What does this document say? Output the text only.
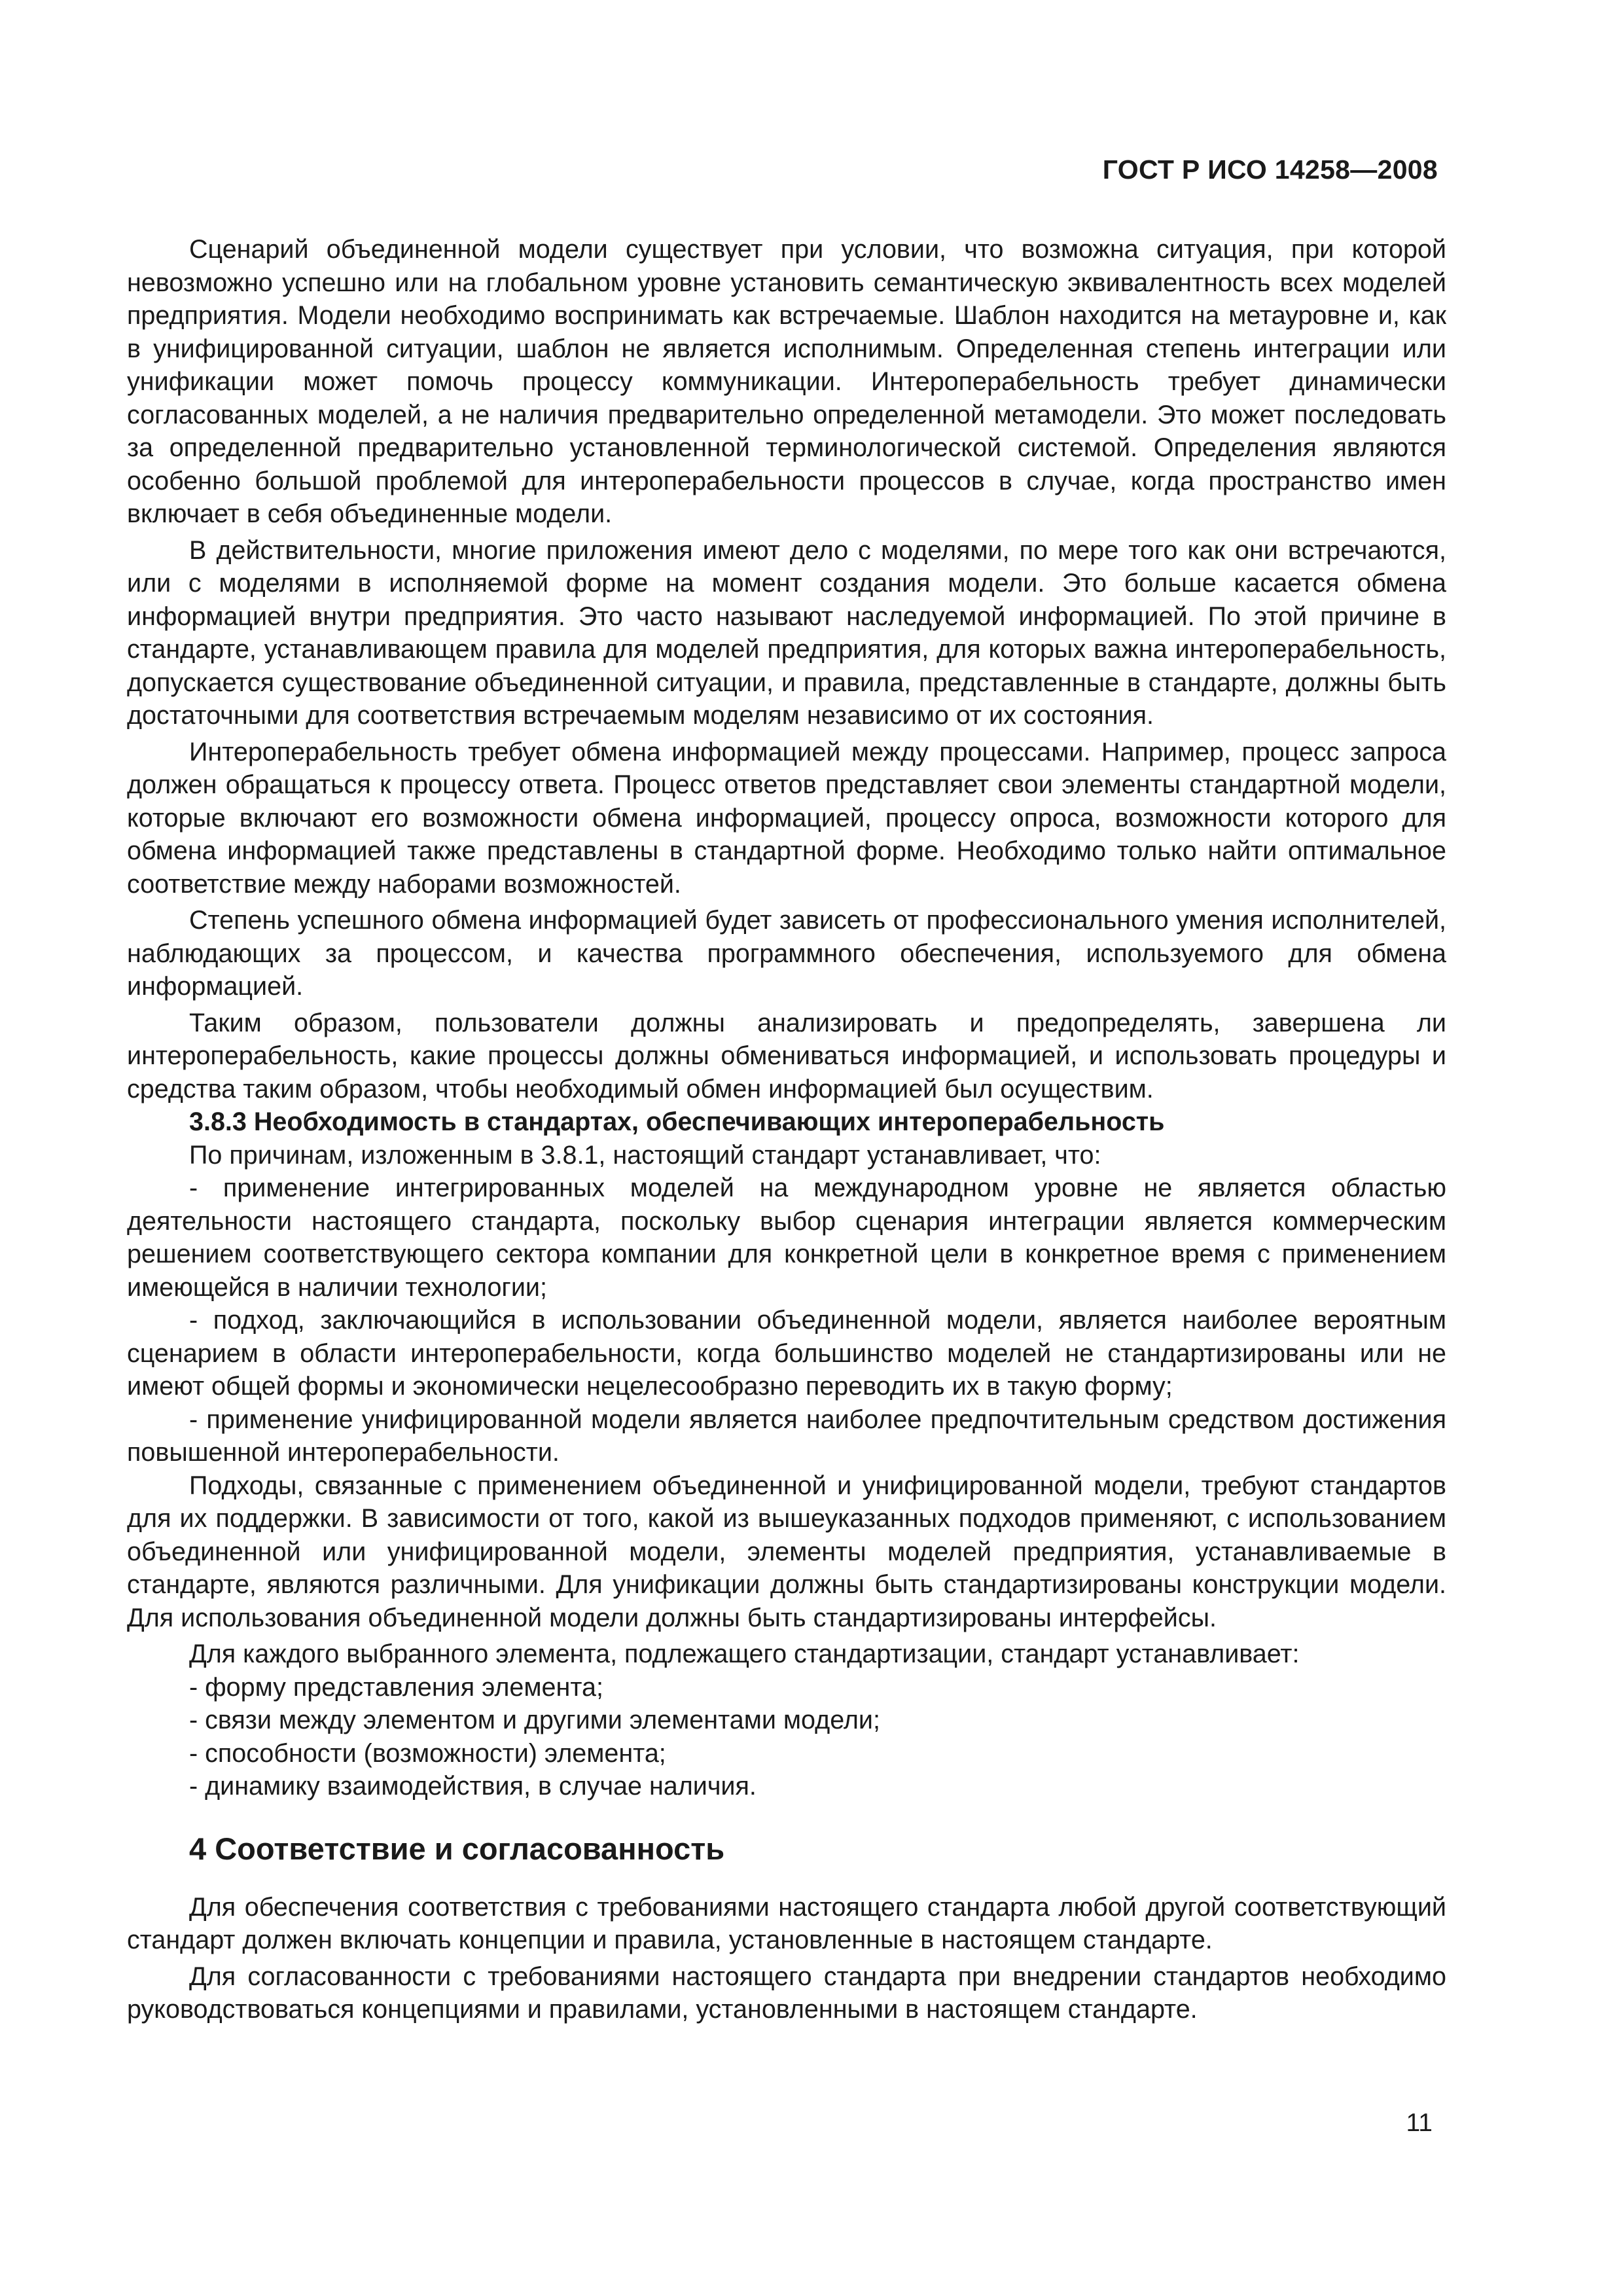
ГОСТ Р ИСО 14258—2008

Сценарий объединенной модели существует при условии, что возможна ситуация, при которой невозможно успешно или на глобальном уровне установить семантическую эквивалентность всех моделей предприятия. Модели необходимо воспринимать как встречаемые. Шаблон находится на метауровне и, как в унифицированной ситуации, шаблон не является исполнимым. Определенная степень интеграции или унификации может помочь процессу коммуникации. Интероперабельность требует динамически согласованных моделей, а не наличия предварительно определенной метамодели. Это может последовать за определенной предварительно установленной терминологической системой. Определения являются особенно большой проблемой для интероперабельности процессов в случае, когда пространство имен включает в себя объединенные модели.

В действительности, многие приложения имеют дело с моделями, по мере того как они встречаются, или с моделями в исполняемой форме на момент создания модели. Это больше касается обмена информацией внутри предприятия. Это часто называют наследуемой информацией. По этой причине в стандарте, устанавливающем правила для моделей предприятия, для которых важна интероперабельность, допускается существование объединенной ситуации, и правила, представленные в стандарте, должны быть достаточными для соответствия встречаемым моделям независимо от их состояния.

Интероперабельность требует обмена информацией между процессами. Например, процесс запроса должен обращаться к процессу ответа. Процесс ответов представляет свои элементы стандартной модели, которые включают его возможности обмена информацией, процессу опроса, возможности которого для обмена информацией также представлены в стандартной форме. Необходимо только найти оптимальное соответствие между наборами возможностей.

Степень успешного обмена информацией будет зависеть от профессионального умения исполнителей, наблюдающих за процессом, и качества программного обеспечения, используемого для обмена информацией.

Таким образом, пользователи должны анализировать и предопределять, завершена ли интероперабельность, какие процессы должны обмениваться информацией, и использовать процедуры и средства таким образом, чтобы необходимый обмен информацией был осуществим.

3.8.3 Необходимость в стандартах, обеспечивающих интероперабельность

По причинам, изложенным в 3.8.1, настоящий стандарт устанавливает, что:

- применение интегрированных моделей на международном уровне не является областью деятельности настоящего стандарта, поскольку выбор сценария интеграции является коммерческим решением соответствующего сектора компании для конкретной цели в конкретное время с применением имеющейся в наличии технологии;

- подход, заключающийся в использовании объединенной модели, является наиболее вероятным сценарием в области интероперабельности, когда большинство моделей не стандартизированы или не имеют общей формы и экономически нецелесообразно переводить их в такую форму;

- применение унифицированной модели является наиболее предпочтительным средством достижения повышенной интероперабельности.

Подходы, связанные с применением объединенной и унифицированной модели, требуют стандартов для их поддержки. В зависимости от того, какой из вышеуказанных подходов применяют, с использованием объединенной или унифицированной модели, элементы моделей предприятия, устанавливаемые в стандарте, являются различными. Для унификации должны быть стандартизированы конструкции модели. Для использования объединенной модели должны быть стандартизированы интерфейсы.

Для каждого выбранного элемента, подлежащего стандартизации, стандарт устанавливает:

- форму представления элемента;

- связи между элементом и другими элементами модели;

- способности (возможности) элемента;

- динамику взаимодействия, в случае наличия.

4 Соответствие и согласованность

Для обеспечения соответствия с требованиями настоящего стандарта любой другой соответствующий стандарт должен включать концепции и правила, установленные в настоящем стандарте.

Для согласованности с требованиями настоящего стандарта при внедрении стандартов необходимо руководствоваться концепциями и правилами, установленными в настоящем стандарте.

11
